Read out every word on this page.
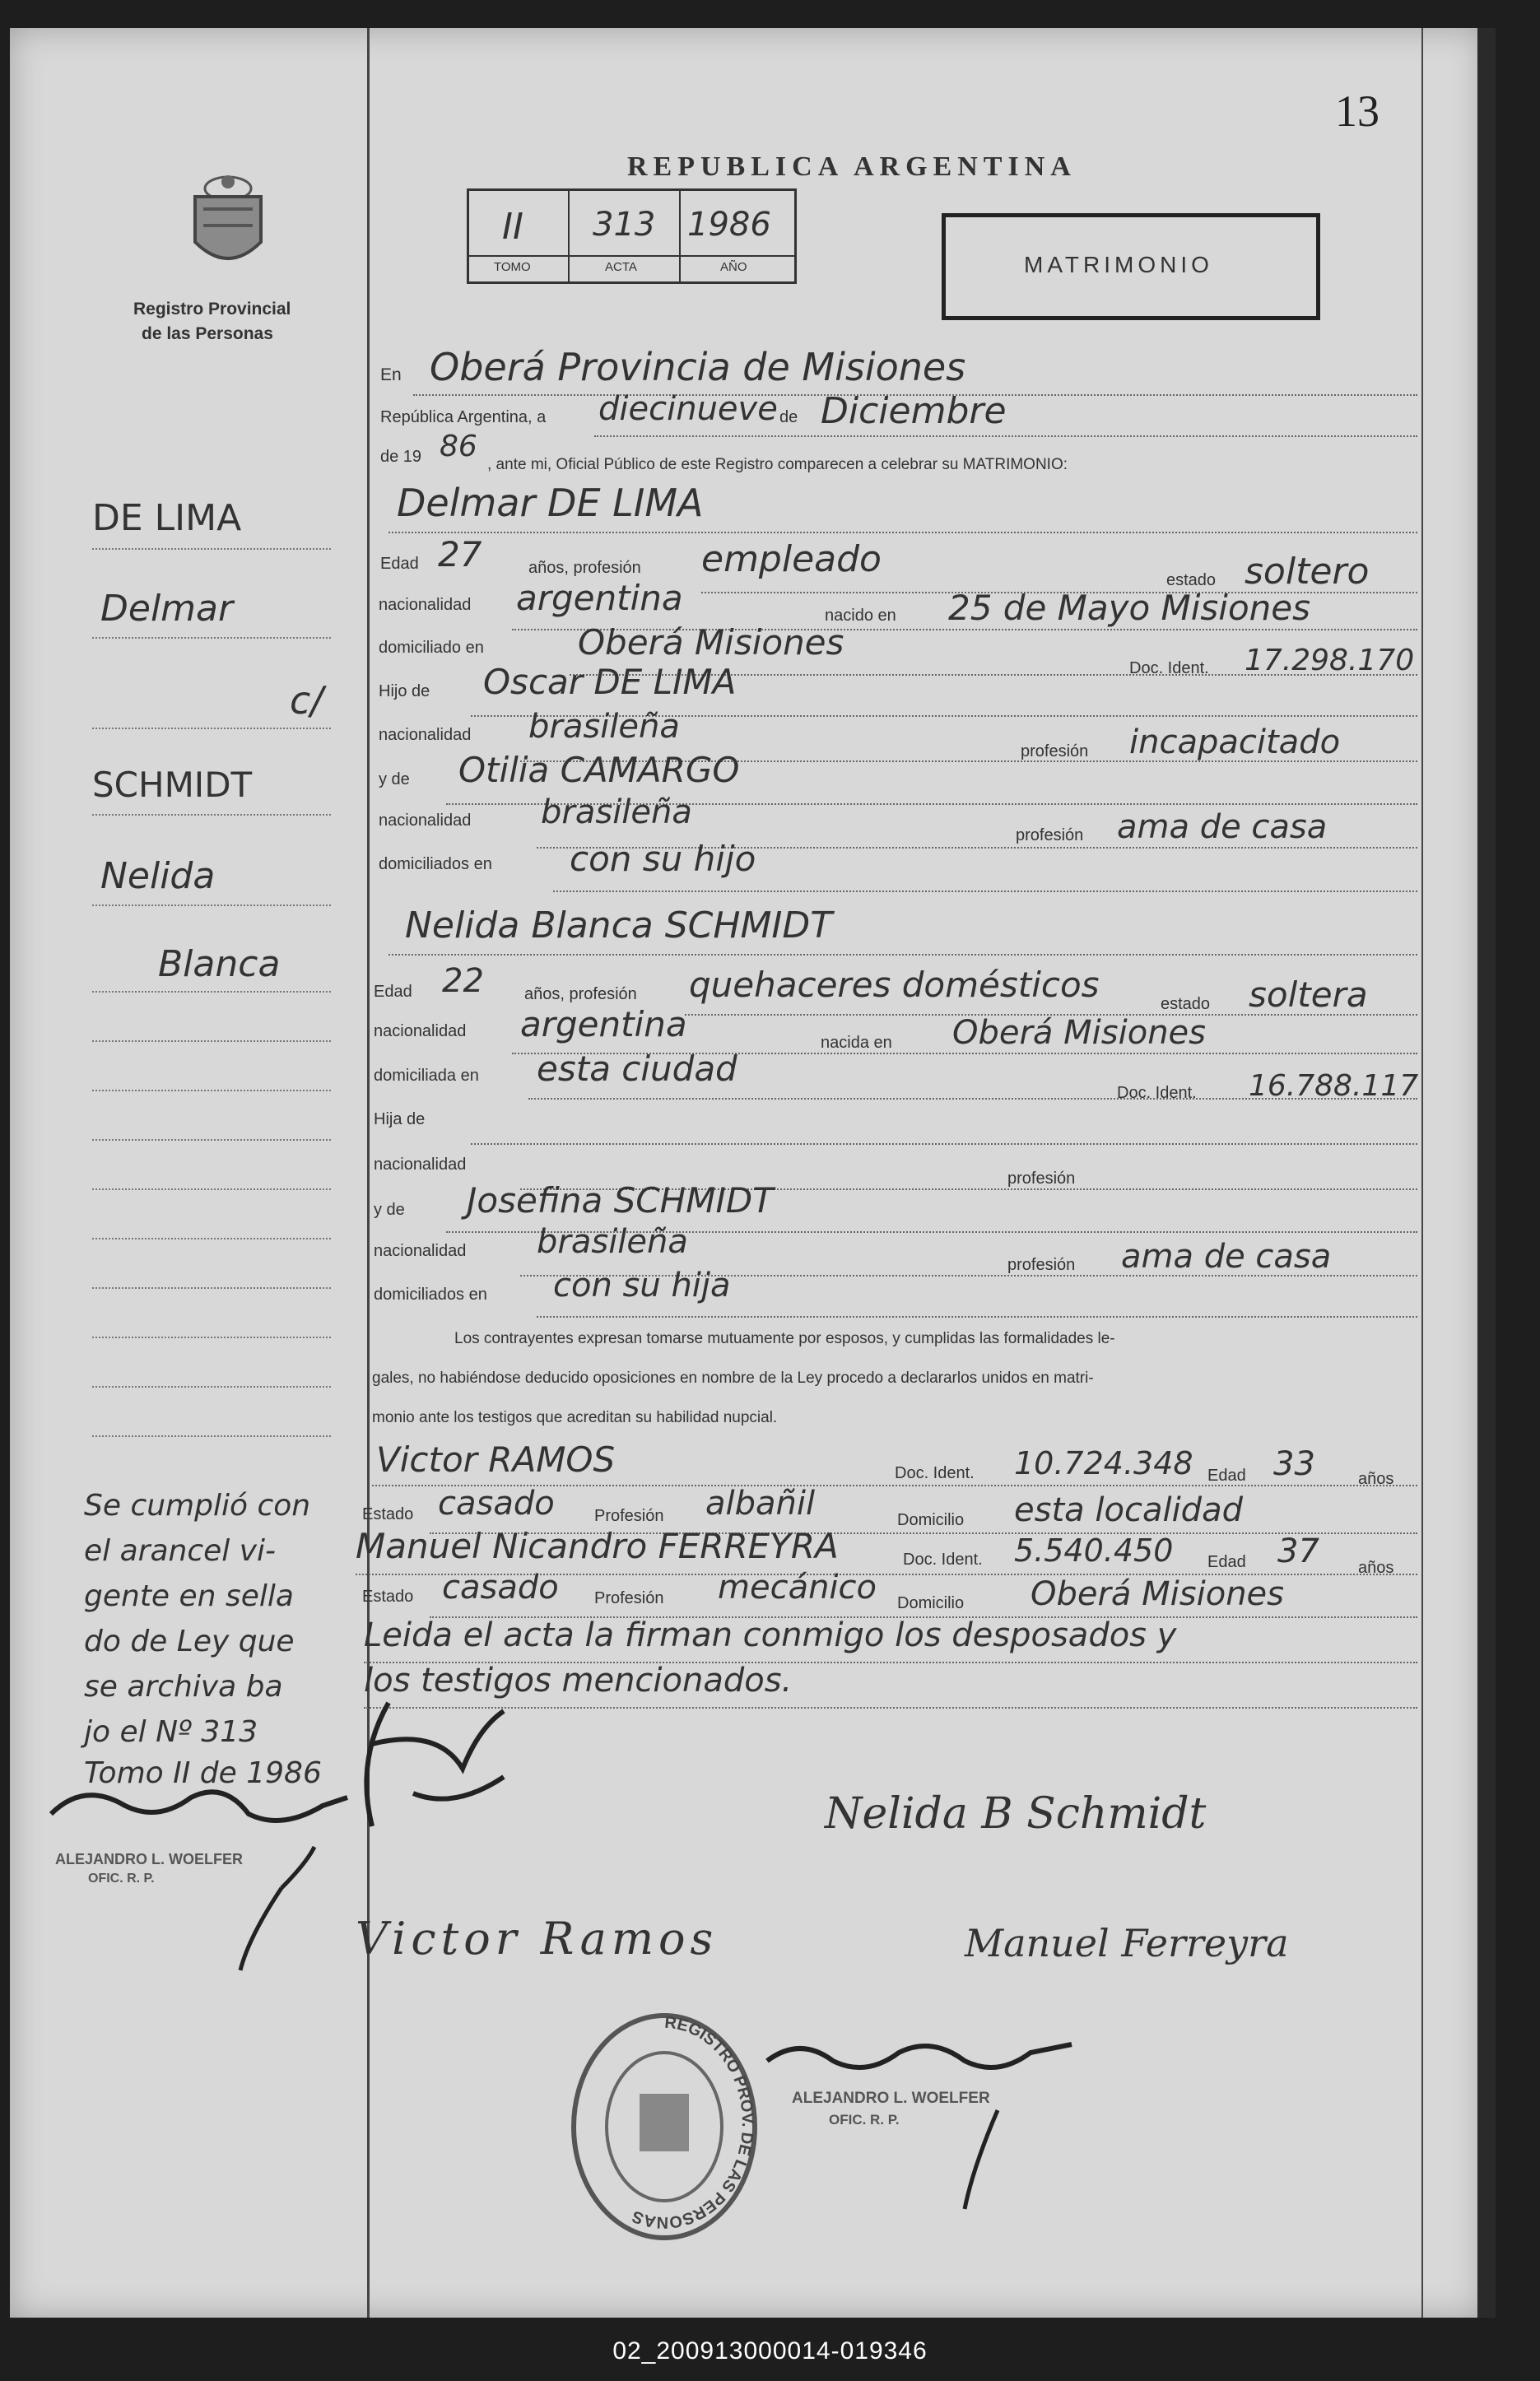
13
Registro Provincial
de las Personas
REPUBLICA ARGENTINA
II 313 1986
TOMO	ACTA	AÑO	MATRIMONIO
DE LIMA
Delmar
c/
SCHMIDT
Nelida
Blanca
Se cumplió con
el arancel vi-
gente en sella
do de Ley que
se archiva ba
jo el Nº 313
Tomo II de 1986
ALEJANDRO L. WOELFER
OFIC. R. P.
En Oberá Provincia de Misiones
República Argentina, a diecinueve de Diciembre
de 19 86
, ante mi, Oficial Público de este Registro comparecen a celebrar su MATRIMONIO:
Delmar DE LIMA
Edad 27	años, profesión empleado	estado soltero
nacionalidad argentina	nacido en 25 de Mayo Misiones
domiciliado en	Oberá Misiones
Doc. Ident. 17.298.170
Hijo de Oscar DE LIMA
nacionalidad brasileña
profesión incapacitado
y de Otilia CAMARGO
nacionalidad brasileña
profesión ama de casa
domiciliados en con su hijo
Nelida Blanca SCHMIDT
Edad 22 años, profesión quehaceres domésticos	estado soltera
nacionalidad argentina	nacida en Oberá Misiones
domiciliada en esta ciudad
Doc. Ident. 16.788.117
Hija de
nacionalidad
profesión
y de Josefina SCHMIDT
nacionalidad brasileña
profesión ama de casa
domiciliados en con su hija
Los contrayentes expresan tomarse mutuamente por esposos, y cumplidas las formalidades le-
gales, no habiéndose deducido oposiciones en nombre de la Ley procedo a declararlos unidos en matri-
monio ante los testigos que acreditan su habilidad nupcial.
Victor RAMOS	Doc. Ident. 10.724.348 Edad 33	años
Estado casado Profesión albañil	Domicilio esta localidad
Manuel Nicandro FERREYRA	Doc. Ident. 5.540.450 Edad 37 años
Estado casado Profesión mecánico Domicilio Oberá Misiones
Leida el acta la firman conmigo los desposados y
los testigos mencionados.
Nelida B Schmidt
Victor Ramos	Manuel Ferreyra
REGISTRO PROV. DE LAS PERSONAS
ALEJANDRO L. WOELFER
OFIC. R. P.
02_200913000014-019346
